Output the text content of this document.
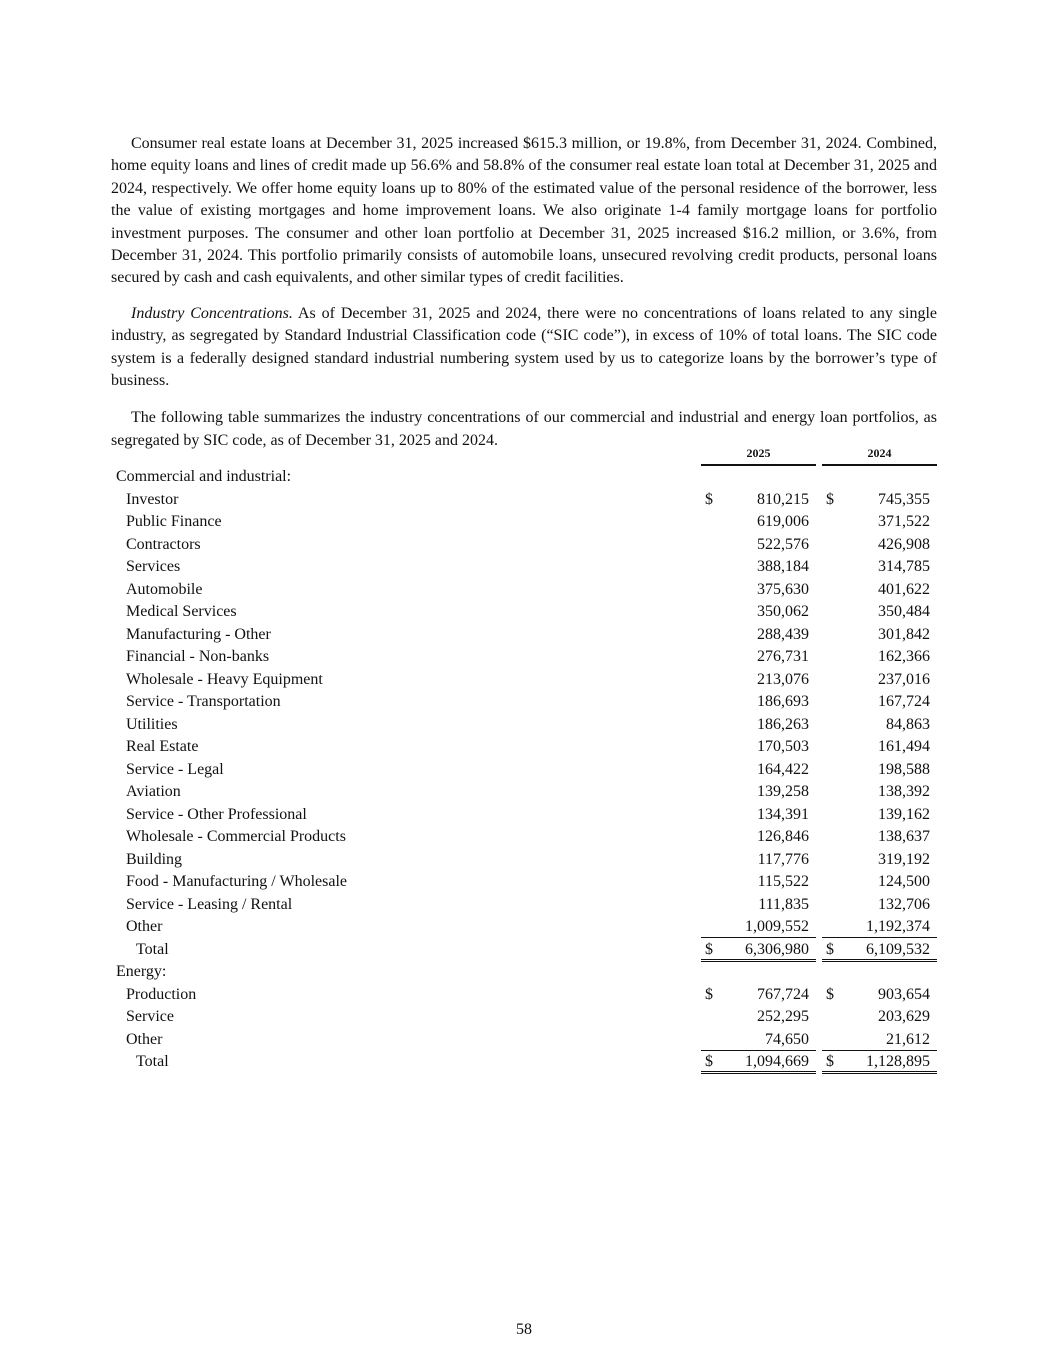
Consumer real estate loans at December 31, 2025 increased $615.3 million, or 19.8%, from December 31, 2024. Combined, home equity loans and lines of credit made up 56.6% and 58.8% of the consumer real estate loan total at December 31, 2025 and 2024, respectively. We offer home equity loans up to 80% of the estimated value of the personal residence of the borrower, less the value of existing mortgages and home improvement loans. We also originate 1-4 family mortgage loans for portfolio investment purposes. The consumer and other loan portfolio at December 31, 2025 increased $16.2 million, or 3.6%, from December 31, 2024. This portfolio primarily consists of automobile loans, unsecured revolving credit products, personal loans secured by cash and cash equivalents, and other similar types of credit facilities.

Industry Concentrations. As of December 31, 2025 and 2024, there were no concentrations of loans related to any single industry, as segregated by Standard Industrial Classification code (“SIC code”), in excess of 10% of total loans. The SIC code system is a federally designed standard industrial numbering system used by us to categorize loans by the borrower’s type of business.

The following table summarizes the industry concentrations of our commercial and industrial and energy loan portfolios, as segregated by SIC code, as of December 31, 2025 and 2024.

2025	2024
Commercial and industrial:
Investor	$	810,215 $	745,355
Public Finance	619,006	371,522
Contractors	522,576	426,908
Services	388,184	314,785
Automobile	375,630	401,622
Medical Services	350,062	350,484
Manufacturing - Other	288,439	301,842
Financial - Non-banks	276,731	162,366
Wholesale - Heavy Equipment	213,076	237,016
Service - Transportation	186,693	167,724
Utilities	186,263	84,863
Real Estate	170,503	161,494
Service - Legal	164,422	198,588
Aviation	139,258	138,392
Service - Other Professional	134,391	139,162
Wholesale - Commercial Products	126,846	138,637
Building	117,776	319,192
Food - Manufacturing / Wholesale	115,522	124,500
Service - Leasing / Rental	111,835	132,706
Other	1,009,552	1,192,374
Total	$ 6,306,980 $ 6,109,532
Energy:
Production	$	767,724 $	903,654
Service	252,295	203,629
Other	74,650	21,612
Total	$ 1,094,669 $ 1,128,895
58
